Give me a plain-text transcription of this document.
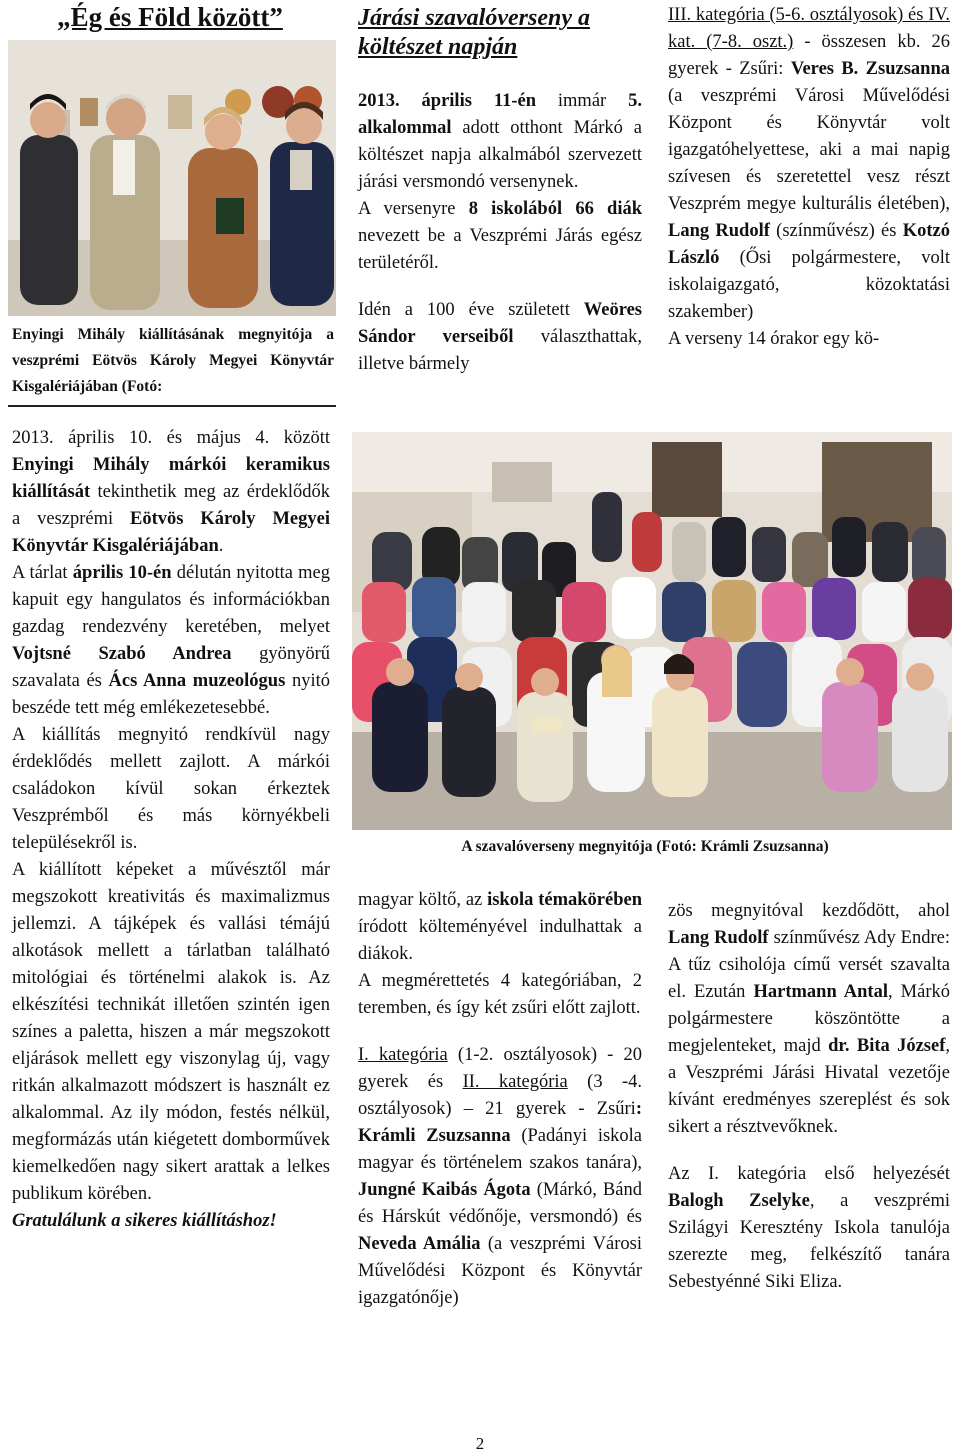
„Ég és Föld között”
Enyingi Mihály kiállításának megnyitója a veszprémi Eötvös Károly Megyei Könyvtár Kisgalériájában (Fotó:

2013. április 10. és május 4. között Enyingi Mihály márkói keramikus kiállítását tekinthetik meg az érdeklődők a veszprémi Eötvös Károly Megyei Könyvtár Kisgalériájában.

A tárlat április 10-én délután nyitotta meg kapuit egy hangulatos és információkban gazdag rendezvény keretében, melyet Vojtsné Szabó Andrea gyönyörű szavalata és Ács Anna muzeológus nyitó beszéde tett még emlékezetesebbé.

A kiállítás megnyitó rendkívül nagy érdeklődés mellett zajlott. A márkói családokon kívül sokan érkeztek Veszprémből és más környékbeli településekről is.

A kiállított képeket a művésztől már megszokott kreativitás és maximalizmus jellemzi. A tájképek és vallási témájú alkotások mellett a tárlatban található mitológiai és történelmi alakok is. Az elkészítési technikát illetően szintén igen színes a paletta, hiszen a már megszokott eljárások mellett egy viszonylag új, vagy ritkán alkalmazott módszert is használt ez alkalommal. Az ily módon, festés nélkül, megformázás után kiégetett domborművek kiemelkedően nagy sikert arattak a lelkes publikum körében.

Gratulálunk a sikeres kiállításhoz!

Járási szavalóverseny a költészet napján

2013. április 11-én immár 5. alkalommal adott otthont Márkó a költészet napja alkalmából szervezett járási versmondó versenynek.

A versenyre 8 iskolából 66 diák nevezett be a Veszprémi Járás egész területéről.

Idén a 100 éve született Weöres Sándor verseiből választhattak, illetve bármely

III. kategória (5-6. osztályosok) és IV. kat. (7-8. oszt.) - összesen kb. 26 gyerek - Zsűri: Veres B. Zsuzsanna (a veszprémi Városi Művelődési Központ és Könyvtár volt igazgatóhelyettese, aki a mai napig szívesen és szeretettel vesz részt Veszprém megye kulturális életében), Lang Rudolf (színművész) és Kotzó László (Ősi polgármestere, volt iskolaigazgató, közoktatási szakember)

A verseny 14 órakor egy kö-

A szavalóverseny megnyitója (Fotó: Krámli Zsuzsanna)

magyar költő, az iskola témakörében íródott költeményével indulhattak a diákok.

A megmérettetés 4 kategóriában, 2 teremben, és így két zsűri előtt zajlott.

I. kategória (1-2. osztályosok) - 20 gyerek és II. kategória (3 -4. osztályosok) – 21 gyerek - Zsűri: Krámli Zsuzsanna (Padányi iskola magyar és történelem szakos tanára), Jungné Kaibás Ágota (Márkó, Bánd és Hárskút védőnője, versmondó) és Neveda Amália (a veszprémi Városi Művelődési Központ és Könyvtár igazgatónője)

zös megnyitóval kezdődött, ahol Lang Rudolf színművész Ady Endre: A tűz csiholója című versét szavalta el. Ezután Hartmann Antal, Márkó polgármestere köszöntötte a megjelenteket, majd dr. Bita József, a Veszprémi Járási Hivatal vezetője kívánt eredményes szereplést és sok sikert a résztvevőknek.

Az I. kategória első helyezését Balogh Zselyke, a veszprémi Szilágyi Keresztény Iskola tanulója szerezte meg, felkészítő tanára Sebestyénné Siki Eliza.

2
